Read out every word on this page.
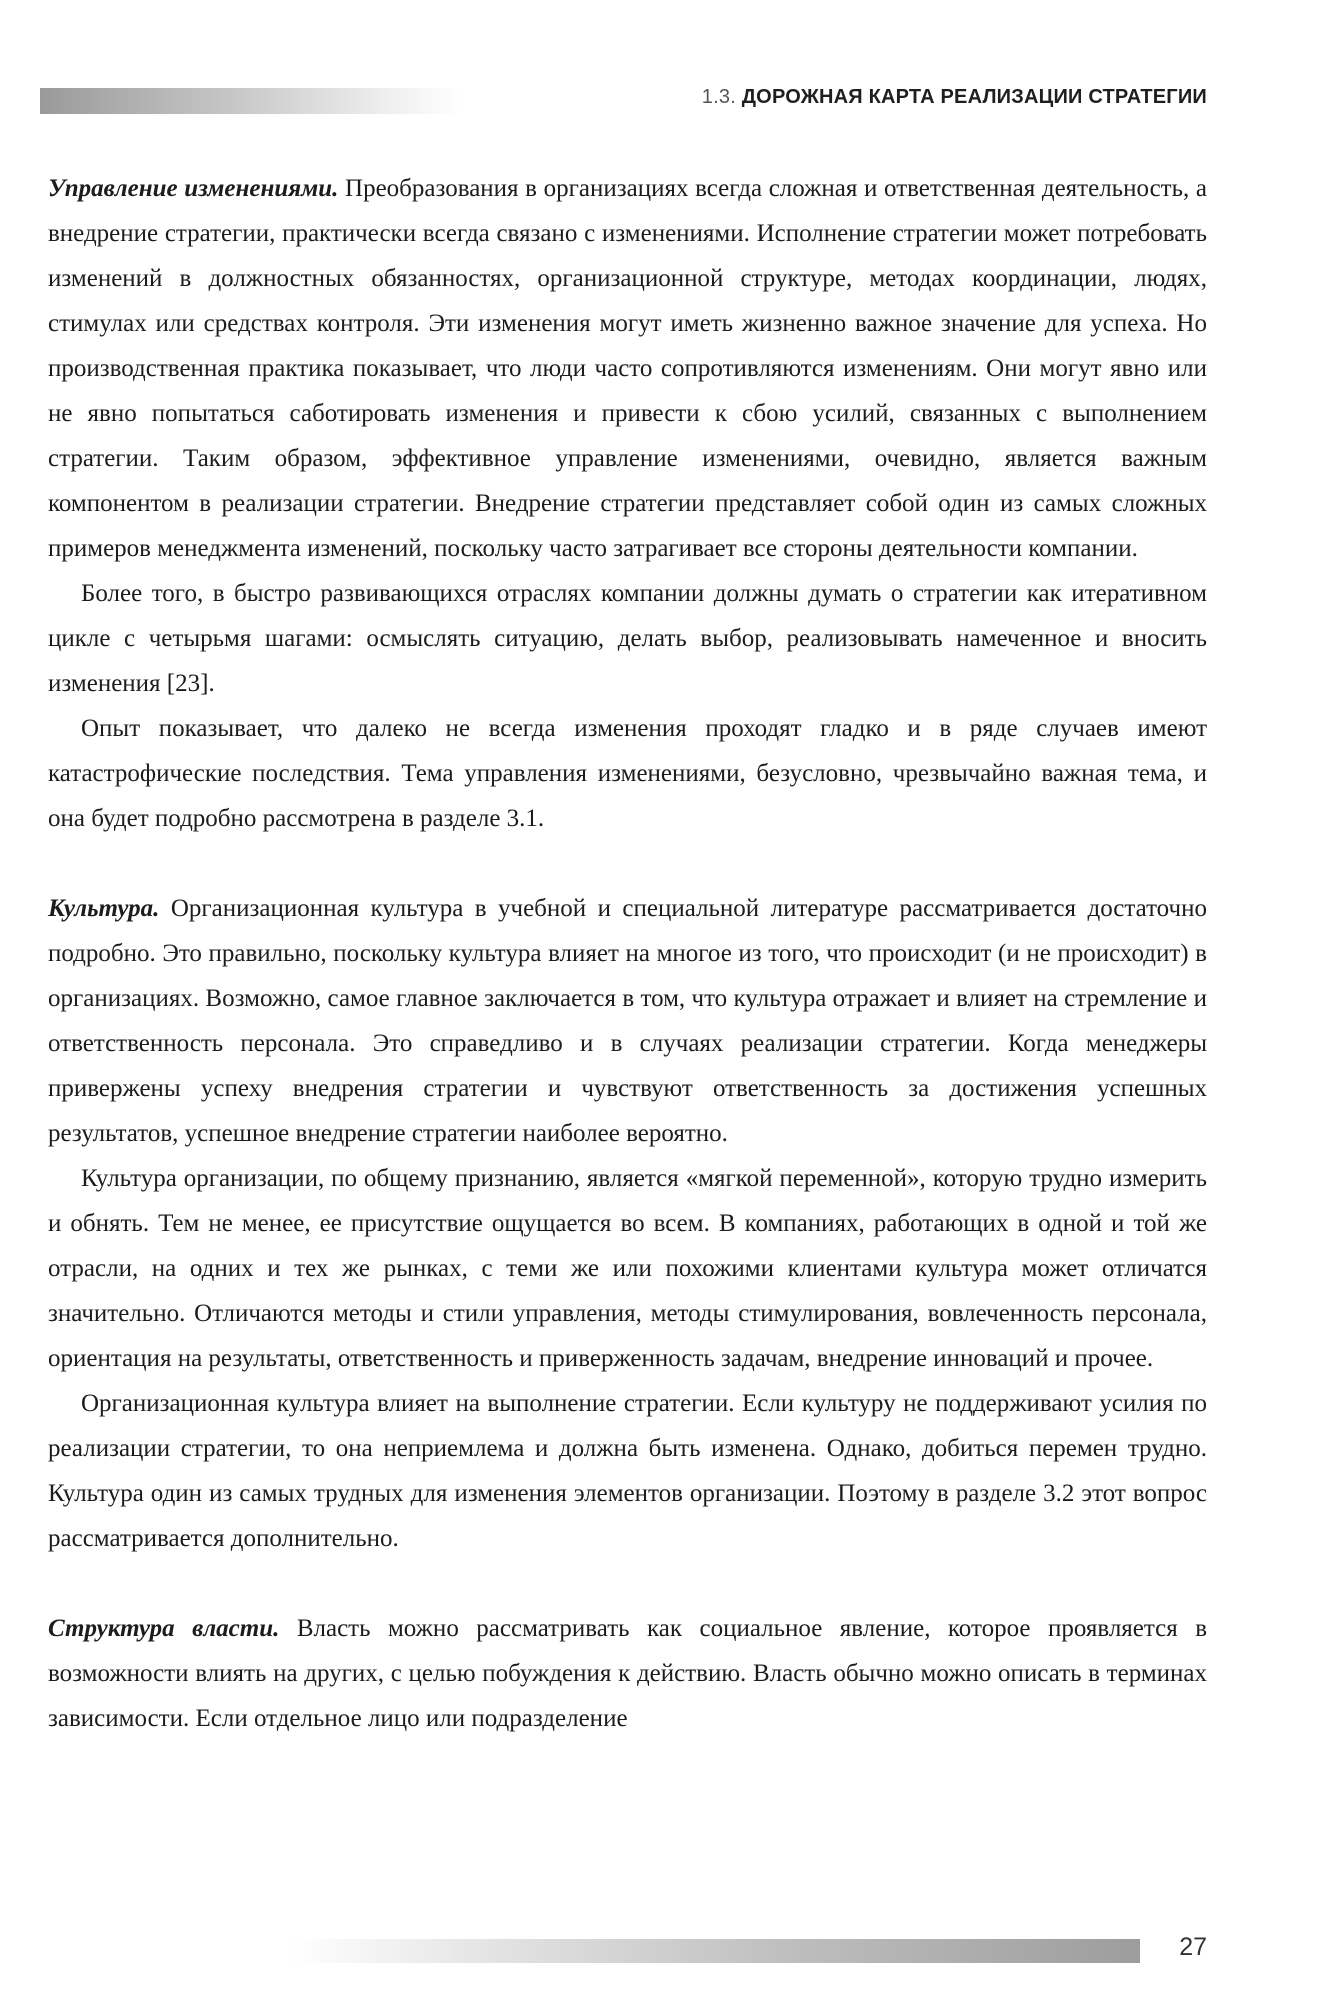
1.3. ДОРОЖНАЯ КАРТА РЕАЛИЗАЦИИ СТРАТЕГИИ

Управление изменениями. Преобразования в организациях всегда сложная и ответственная деятельность, а внедрение стратегии, практически всегда связано с изменениями. Исполнение стратегии может потребовать изменений в должностных обязанностях, организационной структуре, методах координации, людях, стимулах или средствах контроля. Эти изменения могут иметь жизненно важное значение для успеха. Но производственная практика показывает, что люди часто сопротивляются изменениям. Они могут явно или не явно попытаться саботировать изменения и привести к сбою усилий, связанных с выполнением стратегии. Таким образом, эффективное управление изменениями, очевидно, является важным компонентом в реализации стратегии. Внедрение стратегии представляет собой один из самых сложных примеров менеджмента изменений, поскольку часто затрагивает все стороны деятельности компании.

Более того, в быстро развивающихся отраслях компании должны думать о стратегии как итеративном цикле с четырьмя шагами: осмыслять ситуацию, делать выбор, реализовывать намеченное и вносить изменения [23].

Опыт показывает, что далеко не всегда изменения проходят гладко и в ряде случаев имеют катастрофические последствия. Тема управления изменениями, безусловно, чрезвычайно важная тема, и она будет подробно рассмотрена в разделе 3.1.

Культура. Организационная культура в учебной и специальной литературе рассматривается достаточно подробно. Это правильно, поскольку культура влияет на многое из того, что происходит (и не происходит) в организациях. Возможно, самое главное заключается в том, что культура отражает и влияет на стремление и ответственность персонала. Это справедливо и в случаях реализации стратегии. Когда менеджеры привержены успеху внедрения стратегии и чувствуют ответственность за достижения успешных результатов, успешное внедрение стратегии наиболее вероятно.

Культура организации, по общему признанию, является «мягкой переменной», которую трудно измерить и обнять. Тем не менее, ее присутствие ощущается во всем. В компаниях, работающих в одной и той же отрасли, на одних и тех же рынках, с теми же или похожими клиентами культура может отличатся значительно. Отличаются методы и стили управления, методы стимулирования, вовлеченность персонала, ориентация на результаты, ответственность и приверженность задачам, внедрение инноваций и прочее.

Организационная культура влияет на выполнение стратегии. Если культуру не поддерживают усилия по реализации стратегии, то она неприемлема и должна быть изменена. Однако, добиться перемен трудно. Культура один из самых трудных для изменения элементов организации. Поэтому в разделе 3.2 этот вопрос рассматривается дополнительно.

Структура власти. Власть можно рассматривать как социальное явление, которое проявляется в возможности влиять на других, с целью побуждения к действию. Власть обычно можно описать в терминах зависимости. Если отдельное лицо или подразделение

27
